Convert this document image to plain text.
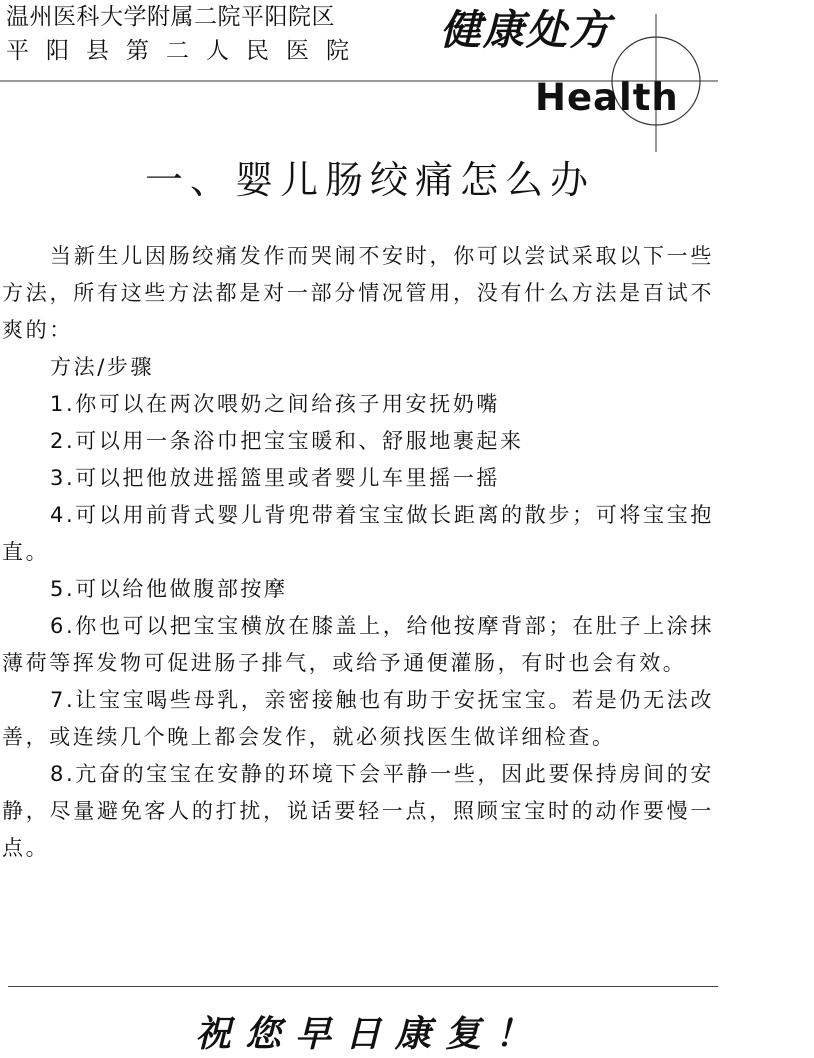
温州医科大学附属二院平阳院区
平阳县第二人民医院 健康处方
Health
一、婴儿肠绞痛怎么办

当新生儿因肠绞痛发作而哭闹不安时，你可以尝试采取以下一些方法，所有这些方法都是对一部分情况管用，没有什么方法是百试不爽的：

方法/步骤

1.你可以在两次喂奶之间给孩子用安抚奶嘴

2.可以用一条浴巾把宝宝暖和、舒服地裹起来

3.可以把他放进摇篮里或者婴儿车里摇一摇

4.可以用前背式婴儿背兜带着宝宝做长距离的散步；可将宝宝抱直。

5.可以给他做腹部按摩

6.你也可以把宝宝横放在膝盖上，给他按摩背部；在肚子上涂抹薄荷等挥发物可促进肠子排气，或给予通便灌肠，有时也会有效。

7.让宝宝喝些母乳，亲密接触也有助于安抚宝宝。若是仍无法改善，或连续几个晚上都会发作，就必须找医生做详细检查。

8.亢奋的宝宝在安静的环境下会平静一些，因此要保持房间的安静，尽量避免客人的打扰，说话要轻一点，照顾宝宝时的动作要慢一点。

祝您早日康复！
